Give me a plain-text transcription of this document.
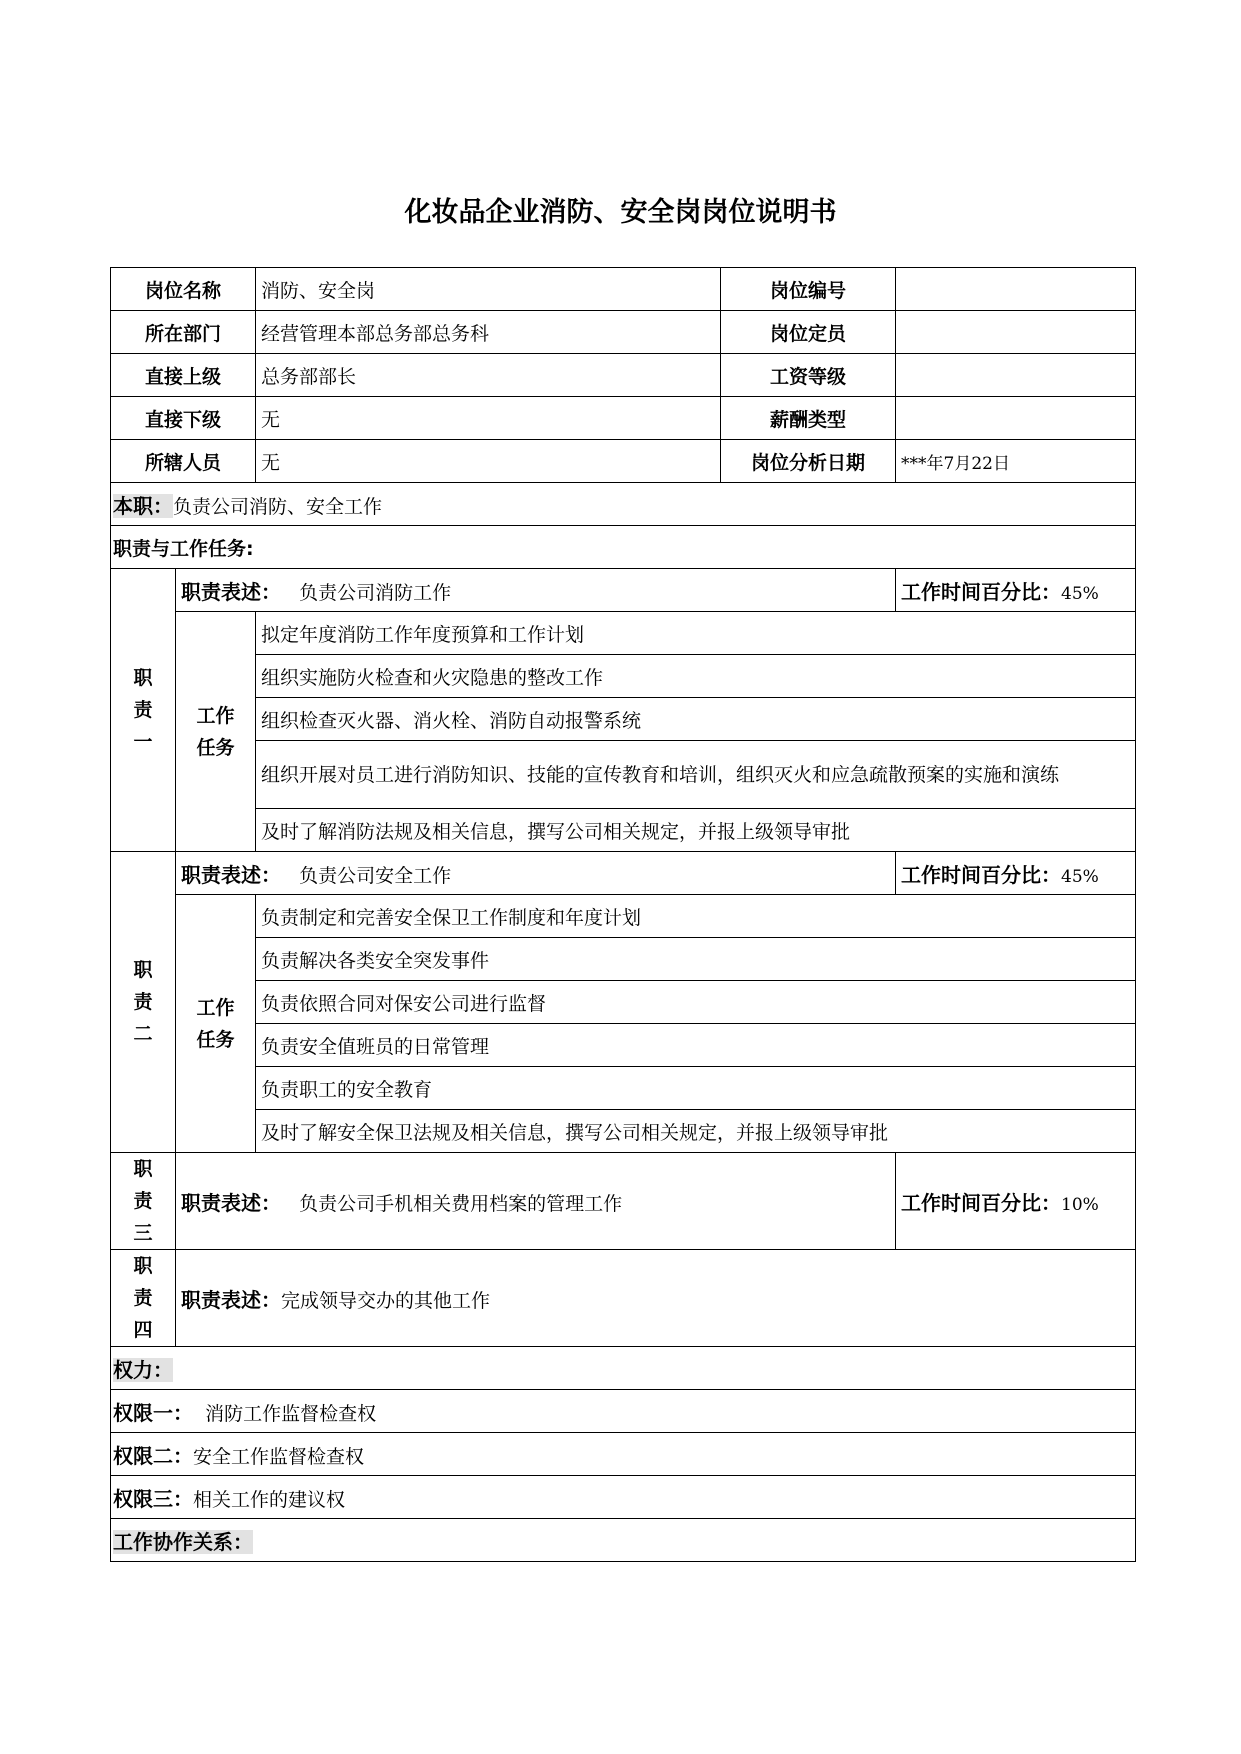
化妆品企业消防、安全岗岗位说明书
岗位名称		消防、安全岗	岗位编号	
所在部门		经营管理本部总务部总务科	岗位定员	
直接上级		总务部部长	工资等级	
直接下级		无	薪酬类型	
所辖人员		无	岗位分析日期	***年7月22日
本职：负责公司消防、安全工作				
职责与工作任务:				
职责一	职责表述： 负责公司消防工作			工作时间百分比：45%
	工作任务	拟定年度消防工作年度预算和工作计划		
		组织实施防火检查和火灾隐患的整改工作		
		组织检查灭火器、消火栓、消防自动报警系统		
		组织开展对员工进行消防知识、技能的宣传教育和培训，组织灭火和应急疏散预案的实施和演练		
		及时了解消防法规及相关信息，撰写公司相关规定，并报上级领导审批		
职责二	职责表述： 负责公司安全工作			工作时间百分比：45%
	工作任务	负责制定和完善安全保卫工作制度和年度计划		
		负责解决各类安全突发事件		
		负责依照合同对保安公司进行监督		
		负责安全值班员的日常管理		
		负责职工的安全教育		
		及时了解安全保卫法规及相关信息，撰写公司相关规定，并报上级领导审批		
职责三	职责表述： 负责公司手机相关费用档案的管理工作			工作时间百分比：10%
职责四	职责表述：完成领导交办的其他工作			
权力：				
权限一： 消防工作监督检查权				
权限二：安全工作监督检查权				
权限三：相关工作的建议权				
工作协作关系：				
